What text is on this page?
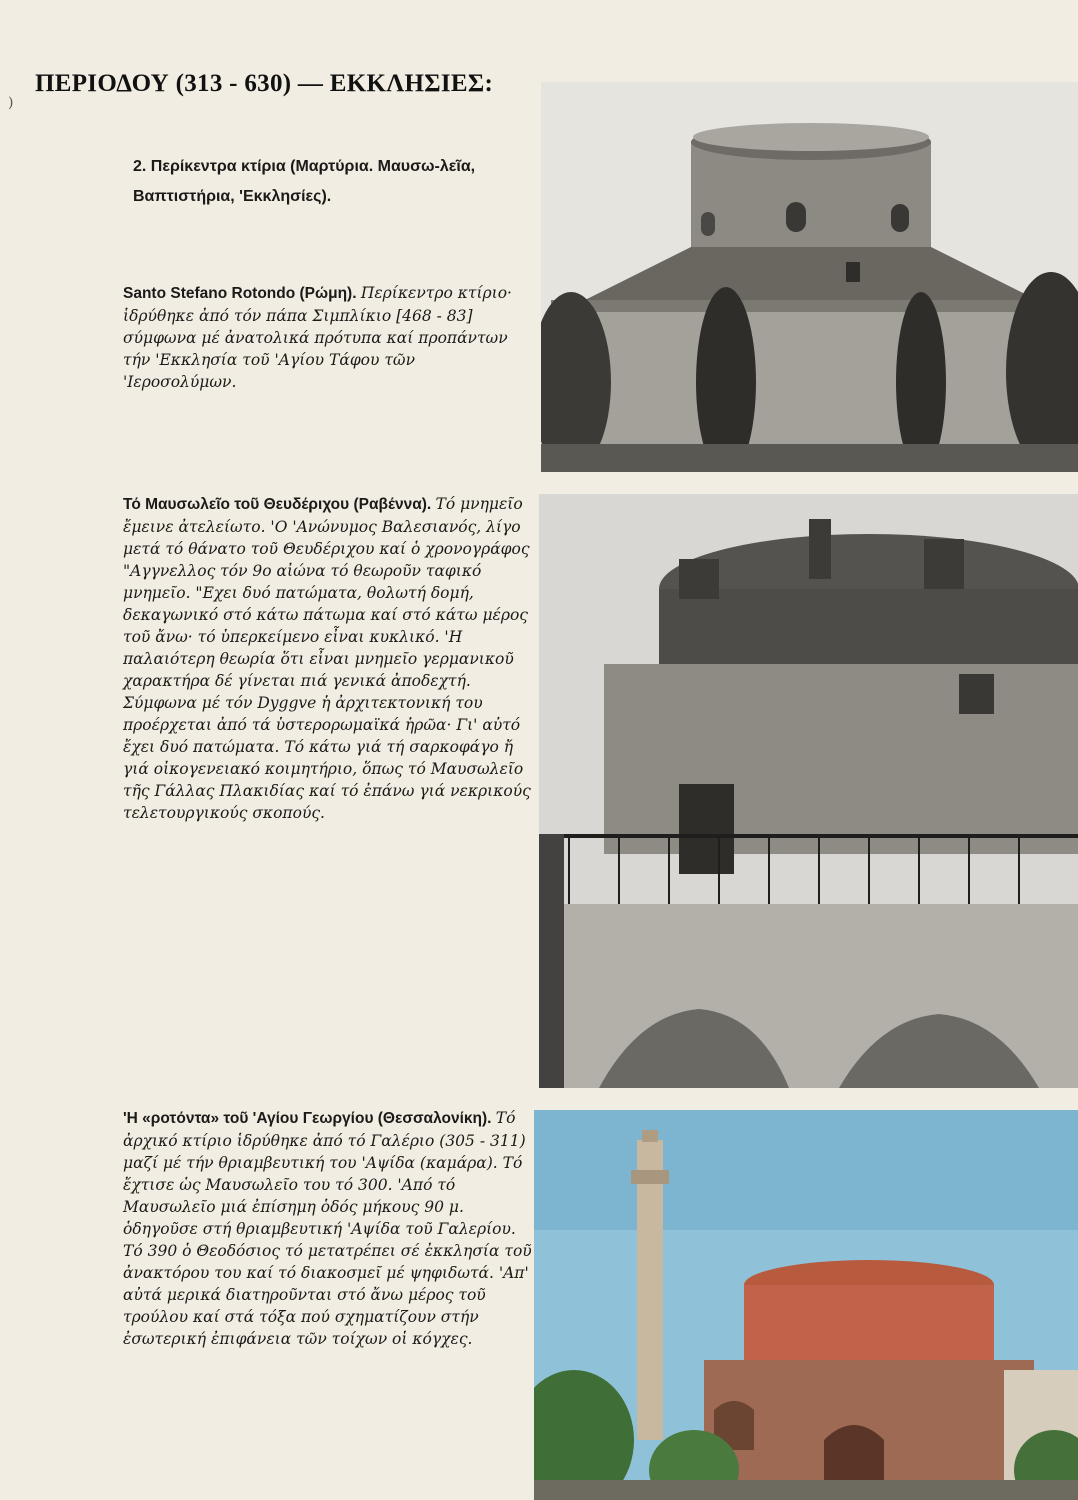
)
ΠΕΡΙΟΔΟΥ (313 - 630) — ΕΚΚΛΗΣΙΕΣ:
2. Περίκεντρα κτίρια (Μαρτύρια. Μαυσω-λεῖα, Βαπτιστήρια, 'Εκκλησίες).
Santo Stefano Rotondo (Ρώμη). Περίκεντρο κτίριο· ἱδρύθηκε ἀπό τόν πάπα Σιμπλίκιο [468 - 83] σύμφωνα μέ ἀνατολικά πρότυπα καί προπάντων τήν 'Εκκλησία τοῦ 'Αγίου Τάφου τῶν 'Ιεροσολύμων.
Τό Μαυσωλεῖο τοῦ Θευδέριχου (Ραβέννα). Τό μνημεῖο ἔμεινε ἀτελείωτο. 'Ο 'Ανώνυμος Βαλεσιανός, λίγο μετά τό θάνατο τοῦ Θευδέριχου καί ὁ χρονογράφος "Αγγνελλος τόν 9ο αἰώνα τό θεωροῦν ταφικό μνημεῖο. "Εχει δυό πατώματα, θολωτή δομή, δεκαγωνικό στό κάτω πάτωμα καί στό κάτω μέρος τοῦ ἄνω· τό ὑπερκείμενο εἶναι κυκλικό. 'Η παλαιότερη θεωρία ὅτι εἶναι μνημεῖο γερμανικοῦ χαρακτήρα δέ γίνεται πιά γενικά ἀποδεχτή. Σύμφωνα μέ τόν Dyggve ἡ ἀρχιτεκτονική του προέρχεται ἀπό τά ὑστερορωμαϊκά ἡρῶα· Γι' αὐτό ἔχει δυό πατώματα. Τό κάτω γιά τή σαρκοφάγο ἤ γιά οἰκογενειακό κοιμητήριο, ὅπως τό Μαυσωλεῖο τῆς Γάλλας Πλακιδίας καί τό ἐπάνω γιά νεκρικούς τελετουργικούς σκοπούς.
'Η «ροτόντα» τοῦ 'Αγίου Γεωργίου (Θεσσαλονίκη). Τό ἀρχικό κτίριο ἱδρύθηκε ἀπό τό Γαλέριο (305 - 311) μαζί μέ τήν θριαμβευτική του 'Αψίδα (καμάρα). Τό ἔχτισε ὡς Μαυσωλεῖο του τό 300. 'Από τό Μαυσωλεῖο μιά ἐπίσημη ὁδός μήκους 90 μ. ὁδηγοῦσε στή θριαμβευτική 'Αψίδα τοῦ Γαλερίου. Τό 390 ὁ Θεοδόσιος τό μετατρέπει σέ ἐκκλησία τοῦ ἀνακτόρου του καί τό διακοσμεῖ μέ ψηφιδωτά. 'Απ' αὐτά μερικά διατηροῦνται στό ἄνω μέρος τοῦ τρούλου καί στά τόξα πού σχηματίζουν στήν ἐσωτερική ἐπιφάνεια τῶν τοίχων οἱ κόγχες.
